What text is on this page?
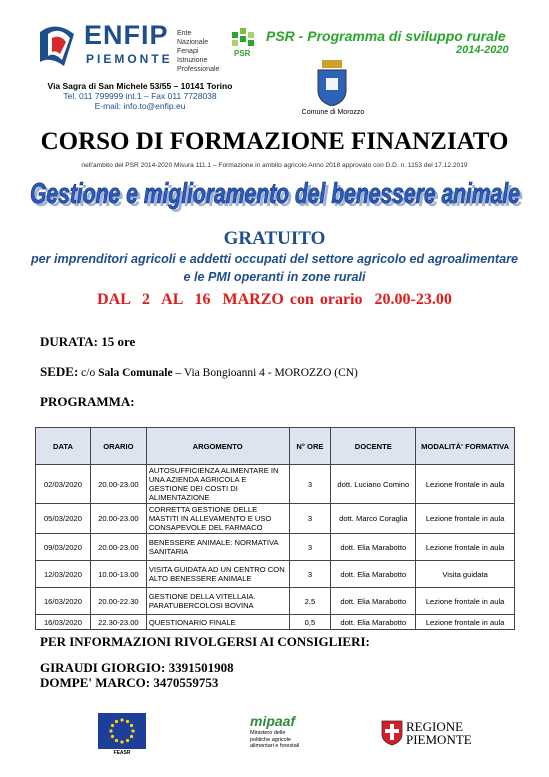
ENFIP
PIEMONTE
Ente
Nazionale
Fenapi
Istruzione
Professionale
Via Sagra di San Michele 53/55 – 10141 Torino
Tel. 011 799999 int.1 – Fax 011 7728038
E-mail: info.to@enfip.eu
PSR
PSR - Programma di sviluppo rurale
2014-2020
Comune di Morozzo
CORSO DI FORMAZIONE FINANZIATO
nell'ambito del PSR 2014-2020 Misura 111.1 – Formazione in ambito agricolo Anno 2018 approvato con D.D. n. 1153 del 17.12.2019
Gestione e miglioramento del benessere animale
Gestione e miglioramento del benessere animale
GRATUITO
per imprenditori agricoli e addetti occupati del settore agricolo ed agroalimentare
e le PMI operanti in zone rurali
DAL  2  AL  16  MARZO con orario  20.00-23.00
DURATA: 15 ore
SEDE: c/o Sala Comunale – Via Bongioanni 4 - MOROZZO (CN)
PROGRAMMA:
DATA	ORARIO	ARGOMENTO	N° ORE	DOCENTE	MODALITÀ' FORMATIVA
02/03/2020	20.00-23.00	AUTOSUFFICIENZA ALIMENTARE IN UNA AZIENDA AGRICOLA E GESTIONE DEI COSTI DI ALIMENTAZIONE	3	dott. Luciano Comino	Lezione frontale in aula
05/03/2020	20.00-23.00	CORRETTA GESTIONE DELLE MASTITI IN ALLEVAMENTO E USO CONSAPEVOLE DEL FARMACO	3	dott. Marco Coraglia	Lezione frontale in aula
09/03/2020	20.00-23.00	BENESSERE ANIMALE: NORMATIVA SANITARIA	3	dott. Elia Marabotto	Lezione frontale in aula
12/03/2020	10.00-13.00	VISITA GUIDATA AD UN CENTRO CON ALTO BENESSERE ANIMALE	3	dott. Elia Marabotto	Visita guidata
16/03/2020	20.00-22.30	GESTIONE DELLA VITELLAIA. PARATUBERCOLOSI BOVINA	2,5	dott. Elia Marabotto	Lezione frontale in aula
16/03/2020	22.30-23.00	QUESTIONARIO FINALE	0,5	dott. Elia Marabotto	Lezione frontale in aula
PER INFORMAZIONI RIVOLGERSI AI CONSIGLIERI:
GIRAUDI GIORGIO: 3391501908
DOMPE' MARCO: 3470559753
FEASR
mipaaf
Ministero delle
politiche agricole
alimentari e forestali
REGIONE
PIEMONTE
